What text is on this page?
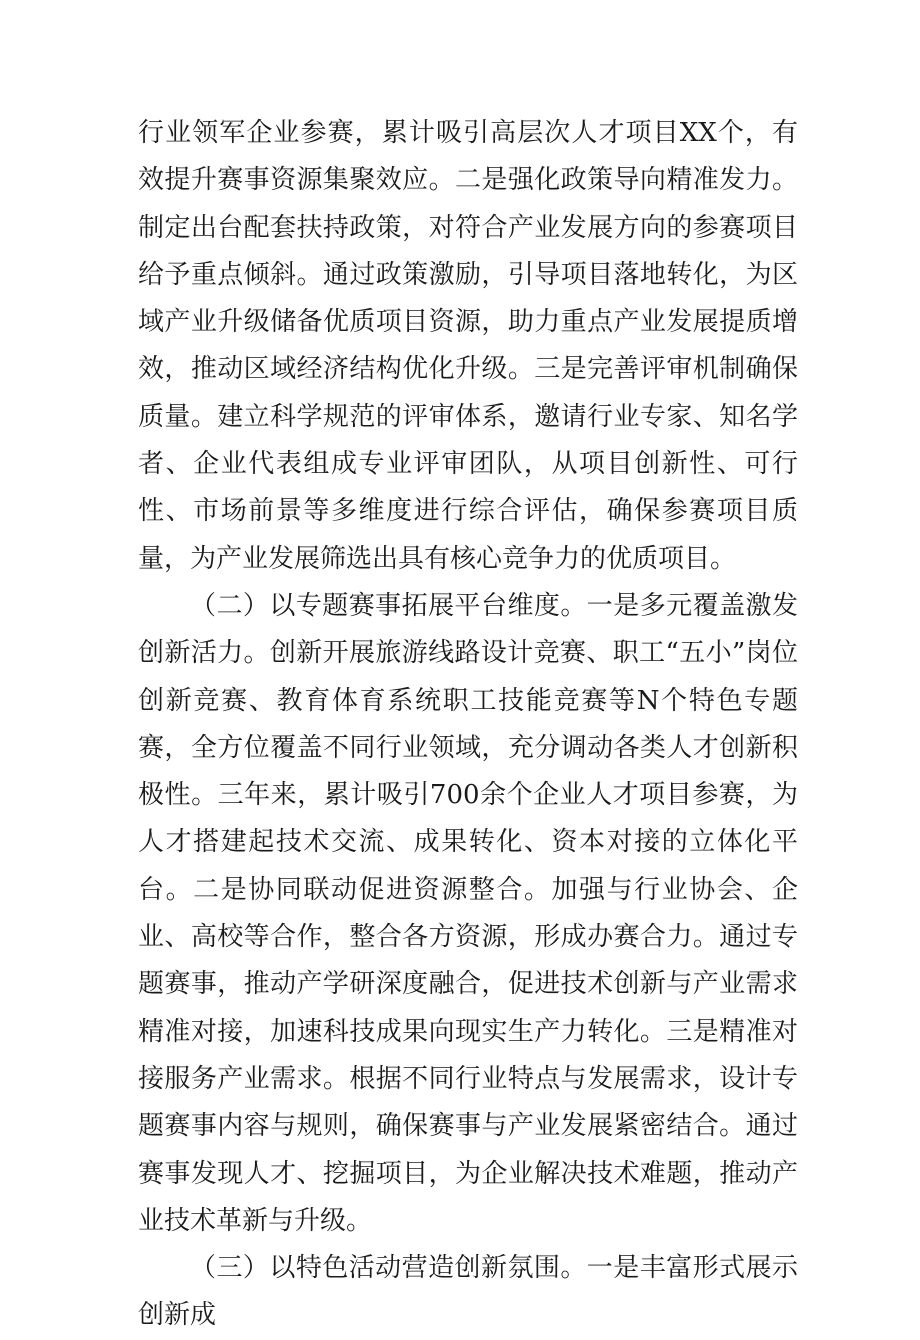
行业领军企业参赛，累计吸引高层次人才项目XX个，有效提升赛事资源集聚效应。二是强化政策导向精准发力。制定出台配套扶持政策，对符合产业发展方向的参赛项目给予重点倾斜。通过政策激励，引导项目落地转化，为区域产业升级储备优质项目资源，助力重点产业发展提质增效，推动区域经济结构优化升级。三是完善评审机制确保质量。建立科学规范的评审体系，邀请行业专家、知名学者、企业代表组成专业评审团队，从项目创新性、可行性、市场前景等多维度进行综合评估，确保参赛项目质量，为产业发展筛选出具有核心竞争力的优质项目。

（二）以专题赛事拓展平台维度。一是多元覆盖激发创新活力。创新开展旅游线路设计竞赛、职工“五小”岗位创新竞赛、教育体育系统职工技能竞赛等N个特色专题赛，全方位覆盖不同行业领域，充分调动各类人才创新积极性。三年来，累计吸引700余个企业人才项目参赛，为人才搭建起技术交流、成果转化、资本对接的立体化平台。二是协同联动促进资源整合。加强与行业协会、企业、高校等合作，整合各方资源，形成办赛合力。通过专题赛事，推动产学研深度融合，促进技术创新与产业需求精准对接，加速科技成果向现实生产力转化。三是精准对接服务产业需求。根据不同行业特点与发展需求，设计专题赛事内容与规则，确保赛事与产业发展紧密结合。通过赛事发现人才、挖掘项目，为企业解决技术难题，推动产业技术革新与升级。

（三）以特色活动营造创新氛围。一是丰富形式展示创新成
